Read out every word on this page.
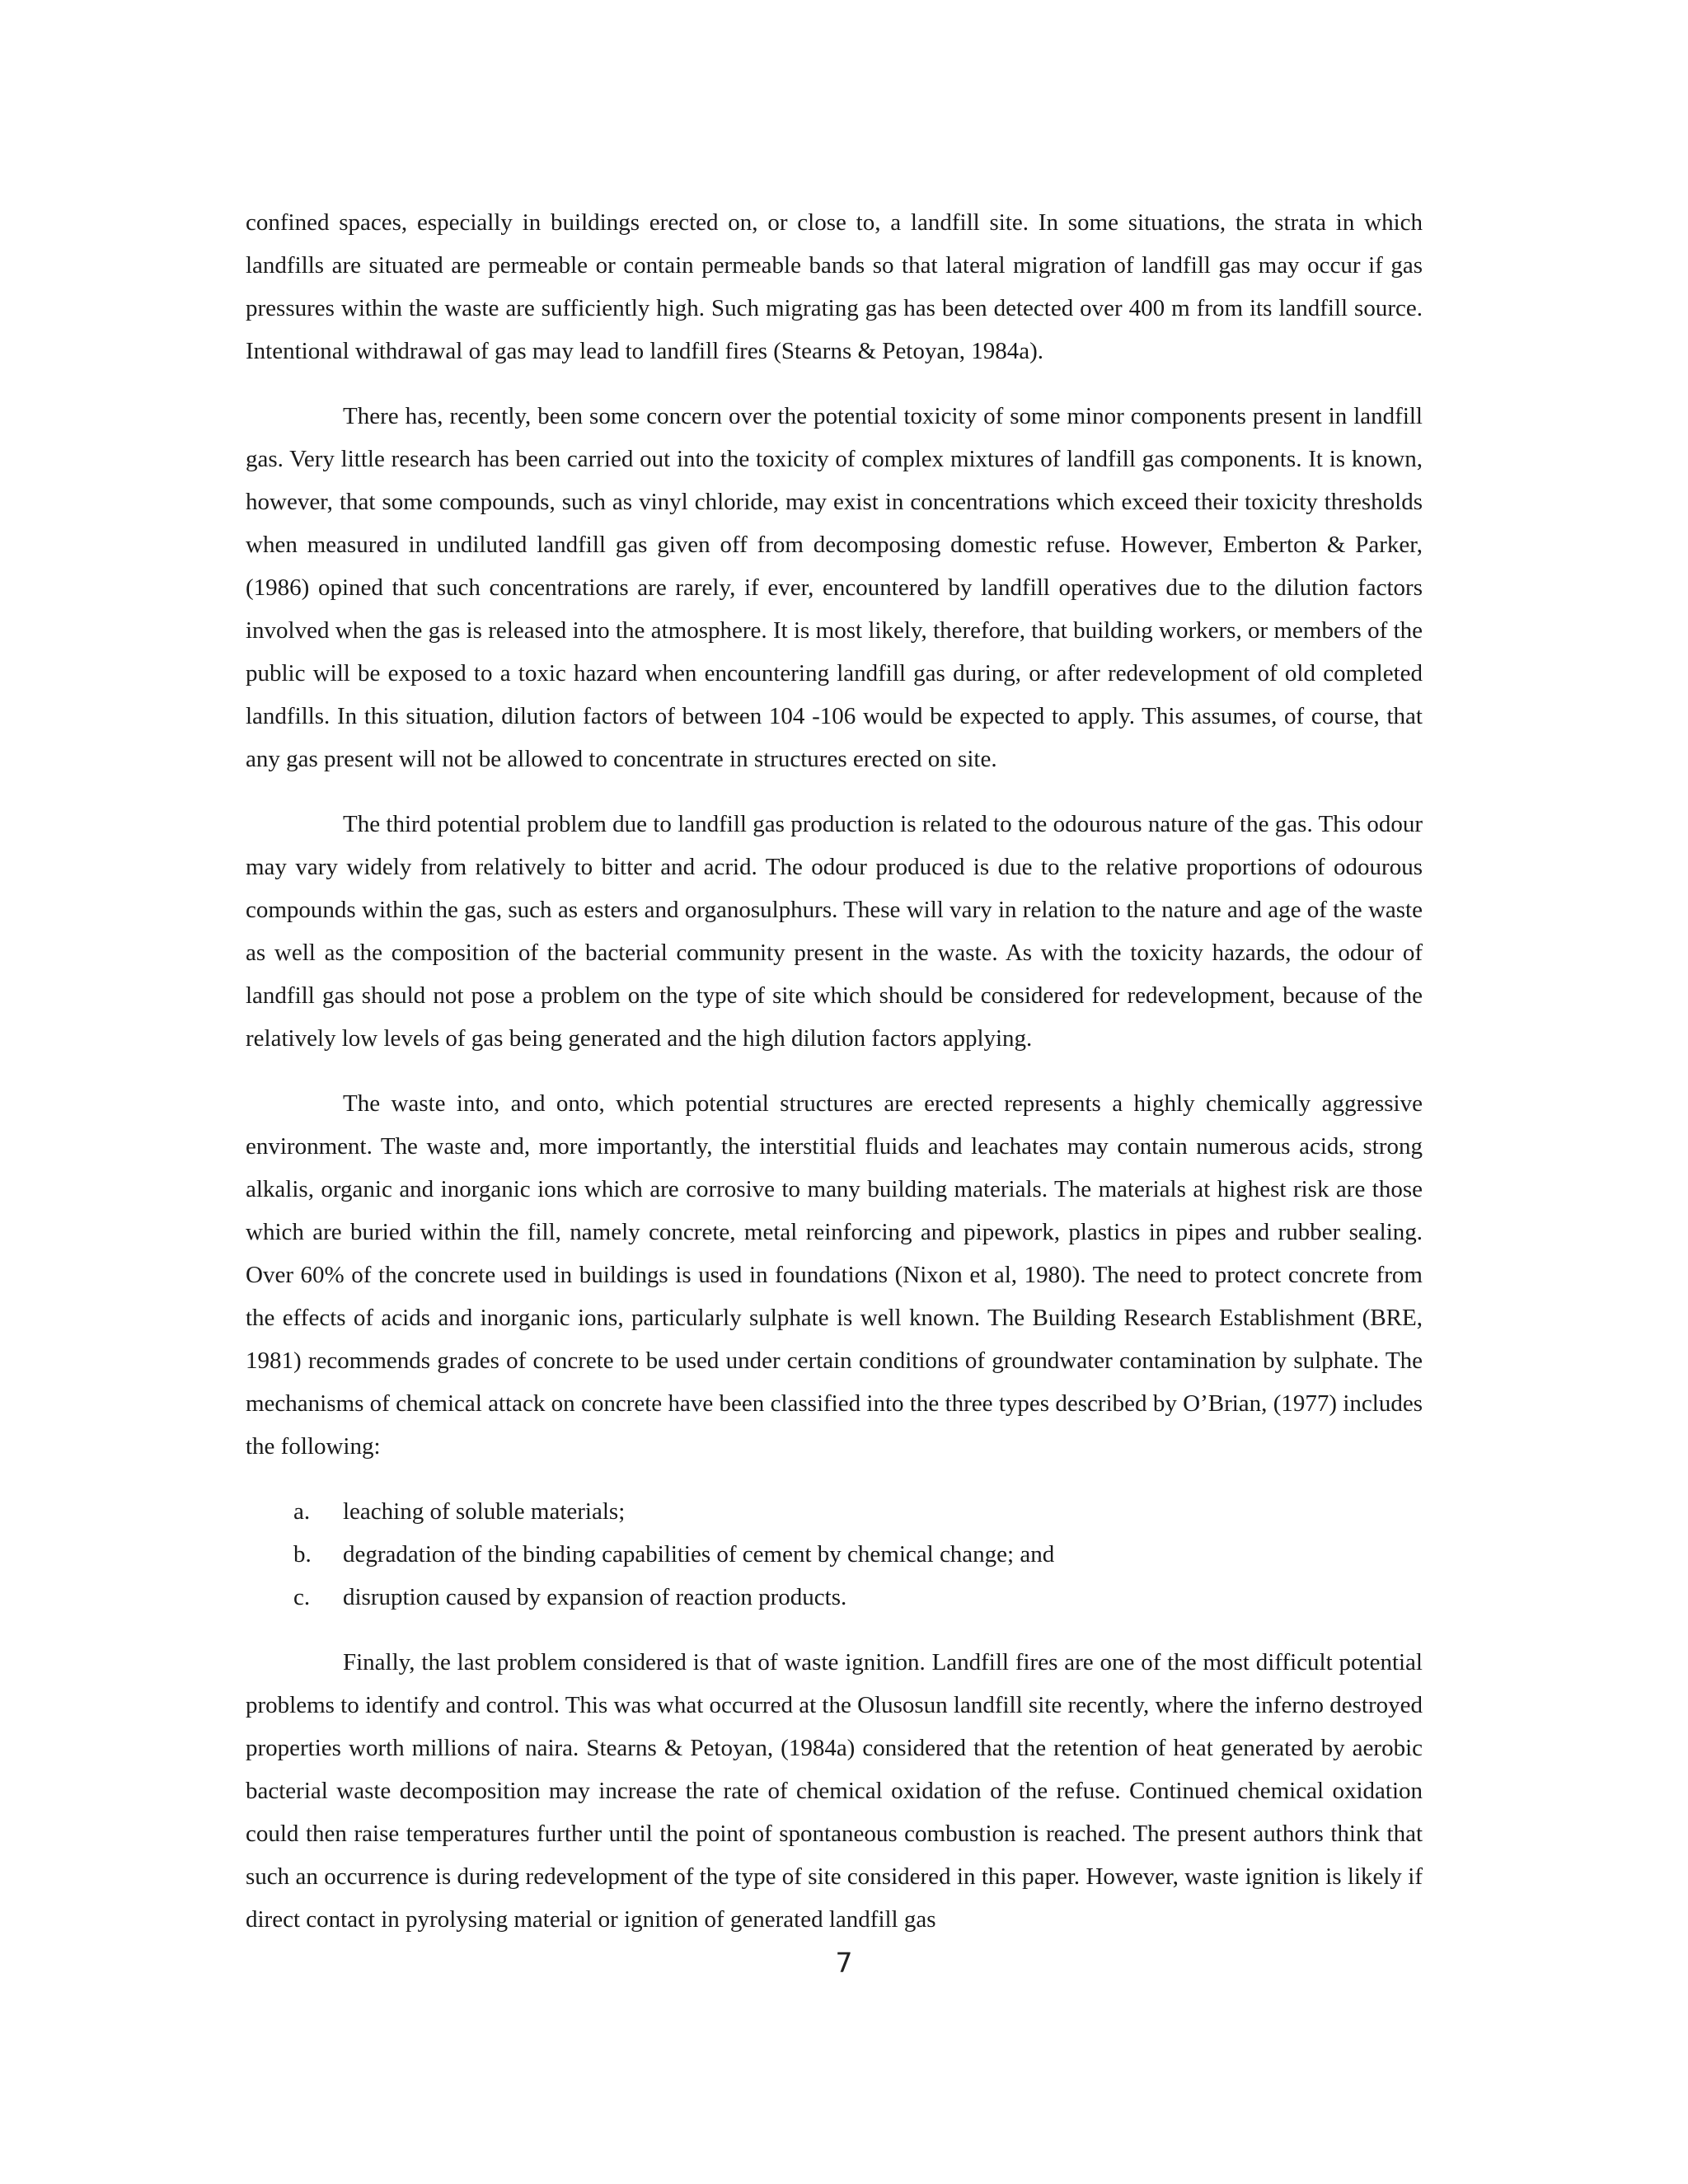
confined spaces, especially in buildings erected on, or close to, a landfill site. In some situations, the strata in which landfills are situated are permeable or contain permeable bands so that lateral migration of landfill gas may occur if gas pressures within the waste are sufficiently high. Such migrating gas has been detected over 400 m from its landfill source. Intentional withdrawal of gas may lead to landfill fires (Stearns & Petoyan, 1984a).

There has, recently, been some concern over the potential toxicity of some minor components present in landfill gas. Very little research has been carried out into the toxicity of complex mixtures of landfill gas components. It is known, however, that some compounds, such as vinyl chloride, may exist in concentrations which exceed their toxicity thresholds when measured in undiluted landfill gas given off from decomposing domestic refuse. However, Emberton & Parker, (1986) opined that such concentrations are rarely, if ever, encountered by landfill operatives due to the dilution factors involved when the gas is released into the atmosphere. It is most likely, therefore, that building workers, or members of the public will be exposed to a toxic hazard when encountering landfill gas during, or after redevelopment of old completed landfills. In this situation, dilution factors of between 104 -106 would be expected to apply. This assumes, of course, that any gas present will not be allowed to concentrate in structures erected on site.

The third potential problem due to landfill gas production is related to the odourous nature of the gas. This odour may vary widely from relatively to bitter and acrid. The odour produced is due to the relative proportions of odourous compounds within the gas, such as esters and organosulphurs. These will vary in relation to the nature and age of the waste as well as the composition of the bacterial community present in the waste. As with the toxicity hazards, the odour of landfill gas should not pose a problem on the type of site which should be considered for redevelopment, because of the relatively low levels of gas being generated and the high dilution factors applying.

The waste into, and onto, which potential structures are erected represents a highly chemically aggressive environment. The waste and, more importantly, the interstitial fluids and leachates may contain numerous acids, strong alkalis, organic and inorganic ions which are corrosive to many building materials. The materials at highest risk are those which are buried within the fill, namely concrete, metal reinforcing and pipework, plastics in pipes and rubber sealing. Over 60% of the concrete used in buildings is used in foundations (Nixon et al, 1980). The need to protect concrete from the effects of acids and inorganic ions, particularly sulphate is well known. The Building Research Establishment (BRE, 1981) recommends grades of concrete to be used under certain conditions of groundwater contamination by sulphate. The mechanisms of chemical attack on concrete have been classified into the three types described by O’Brian, (1977) includes the following:

a. leaching of soluble materials;
b. degradation of the binding capabilities of cement by chemical change; and
c. disruption caused by expansion of reaction products.

Finally, the last problem considered is that of waste ignition. Landfill fires are one of the most difficult potential problems to identify and control. This was what occurred at the Olusosun landfill site recently, where the inferno destroyed properties worth millions of naira. Stearns & Petoyan, (1984a) considered that the retention of heat generated by aerobic bacterial waste decomposition may increase the rate of chemical oxidation of the refuse. Continued chemical oxidation could then raise temperatures further until the point of spontaneous combustion is reached. The present authors think that such an occurrence is during redevelopment of the type of site considered in this paper. However, waste ignition is likely if direct contact in pyrolysing material or ignition of generated landfill gas

7
